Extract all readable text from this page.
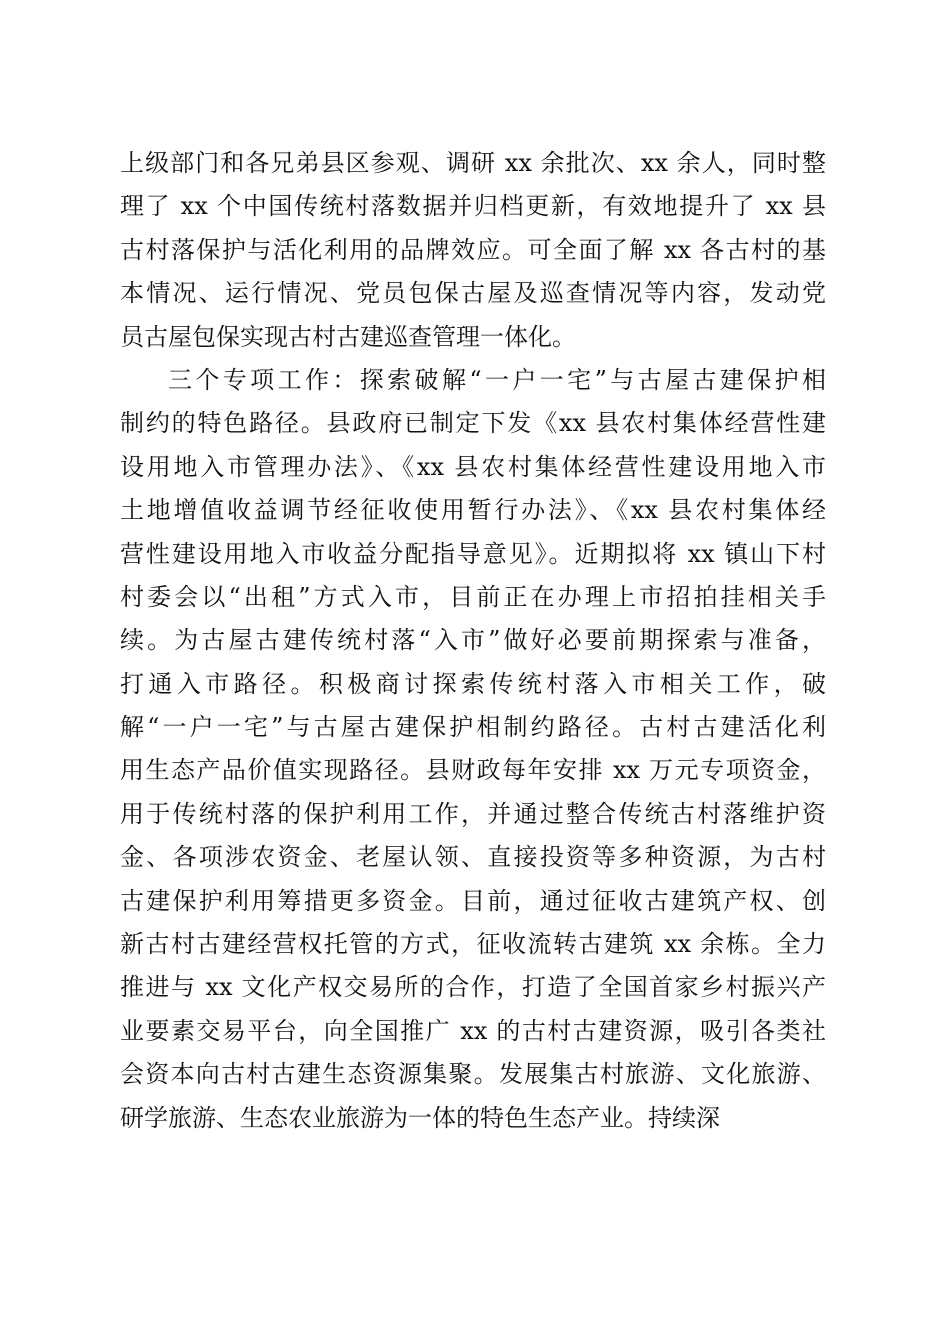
上级部门和各兄弟县区参观、调研 xx 余批次、xx 余人，同时整
理了 xx 个中国传统村落数据并归档更新，有效地提升了 xx 县
古村落保护与活化利用的品牌效应。可全面了解 xx 各古村的基
本情况、运行情况、党员包保古屋及巡查情况等内容，发动党
员古屋包保实现古村古建巡查管理一体化。
三个专项工作：探索破解“一户一宅”与古屋古建保护相
制约的特色路径。县政府已制定下发《xx 县农村集体经营性建
设用地入市管理办法》、《xx 县农村集体经营性建设用地入市
土地增值收益调节经征收使用暂行办法》、《xx 县农村集体经
营性建设用地入市收益分配指导意见》。近期拟将 xx 镇山下村
村委会以“出租”方式入市，目前正在办理上市招拍挂相关手
续。为古屋古建传统村落“入市”做好必要前期探索与准备，
打通入市路径。积极商讨探索传统村落入市相关工作，破
解“一户一宅”与古屋古建保护相制约路径。古村古建活化利
用生态产品价值实现路径。县财政每年安排 xx 万元专项资金，
用于传统村落的保护利用工作，并通过整合传统古村落维护资
金、各项涉农资金、老屋认领、直接投资等多种资源，为古村
古建保护利用筹措更多资金。目前，通过征收古建筑产权、创
新古村古建经营权托管的方式，征收流转古建筑 xx 余栋。全力
推进与 xx 文化产权交易所的合作，打造了全国首家乡村振兴产
业要素交易平台，向全国推广 xx 的古村古建资源，吸引各类社
会资本向古村古建生态资源集聚。发展集古村旅游、文化旅游、
研学旅游、生态农业旅游为一体的特色生态产业。持续深
